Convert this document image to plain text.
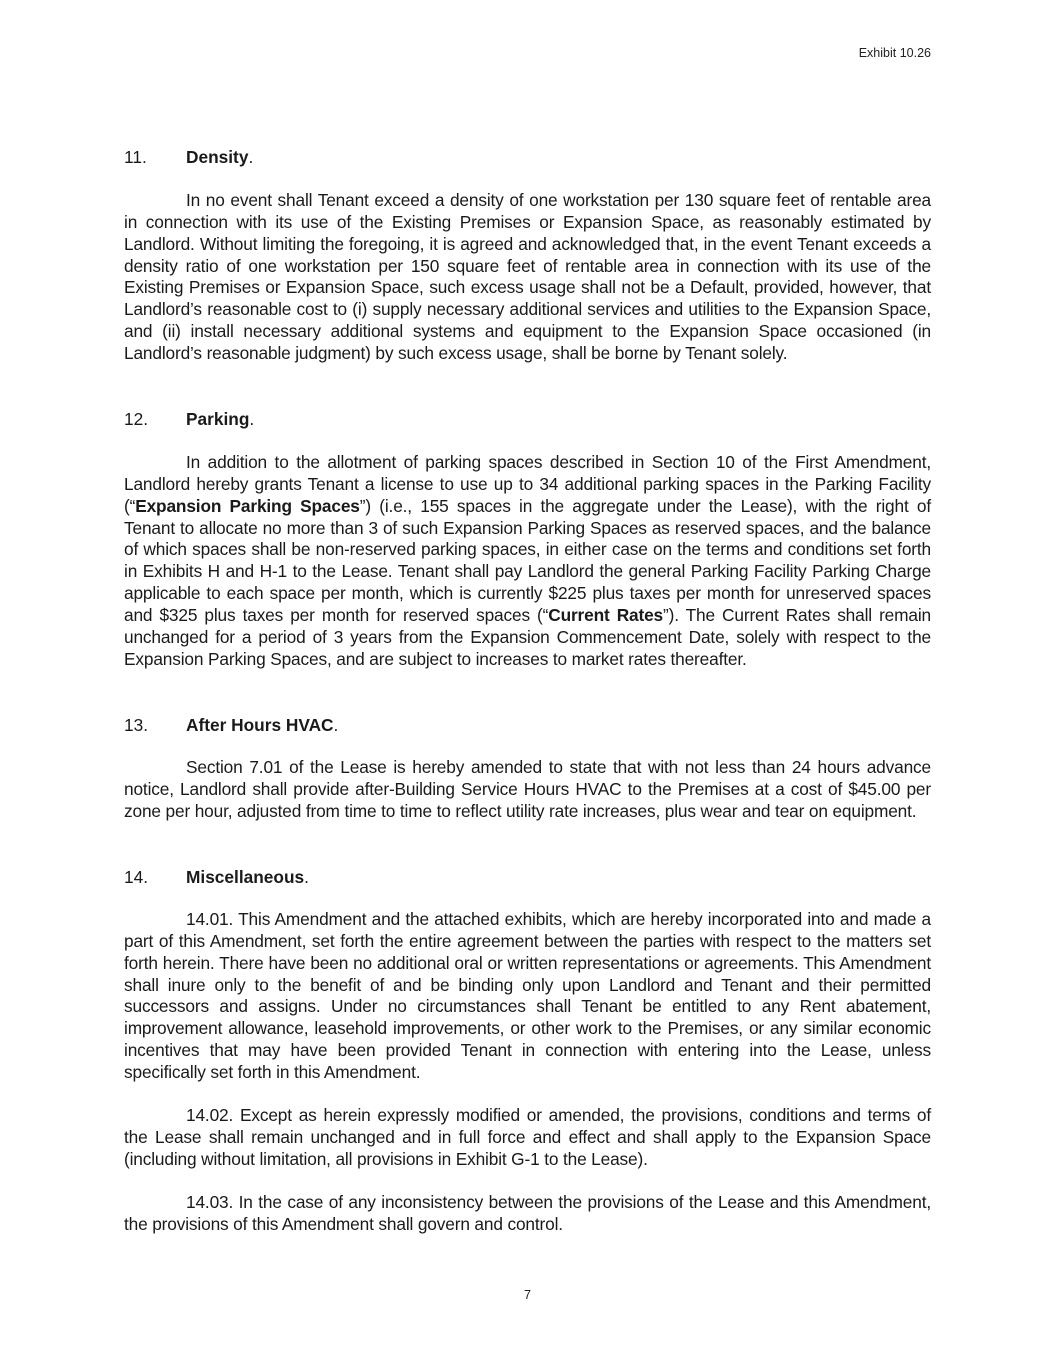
Exhibit 10.26
11. Density.

In no event shall Tenant exceed a density of one workstation per 130 square feet of rentable area in connection with its use of the Existing Premises or Expansion Space, as reasonably estimated by Landlord. Without limiting the foregoing, it is agreed and acknowledged that, in the event Tenant exceeds a density ratio of one workstation per 150 square feet of rentable area in connection with its use of the Existing Premises or Expansion Space, such excess usage shall not be a Default, provided, however, that Landlord’s reasonable cost to (i) supply necessary additional services and utilities to the Expansion Space, and (ii) install necessary additional systems and equipment to the Expansion Space occasioned (in Landlord’s reasonable judgment) by such excess usage, shall be borne by Tenant solely.

12. Parking.

In addition to the allotment of parking spaces described in Section 10 of the First Amendment, Landlord hereby grants Tenant a license to use up to 34 additional parking spaces in the Parking Facility (“Expansion Parking Spaces”) (i.e., 155 spaces in the aggregate under the Lease), with the right of Tenant to allocate no more than 3 of such Expansion Parking Spaces as reserved spaces, and the balance of which spaces shall be non-reserved parking spaces, in either case on the terms and conditions set forth in Exhibits H and H-1 to the Lease. Tenant shall pay Landlord the general Parking Facility Parking Charge applicable to each space per month, which is currently $225 plus taxes per month for unreserved spaces and $325 plus taxes per month for reserved spaces (“Current Rates”). The Current Rates shall remain unchanged for a period of 3 years from the Expansion Commencement Date, solely with respect to the Expansion Parking Spaces, and are subject to increases to market rates thereafter.

13. After Hours HVAC.

Section 7.01 of the Lease is hereby amended to state that with not less than 24 hours advance notice, Landlord shall provide after-Building Service Hours HVAC to the Premises at a cost of $45.00 per zone per hour, adjusted from time to time to reflect utility rate increases, plus wear and tear on equipment.

14. Miscellaneous.

14.01. This Amendment and the attached exhibits, which are hereby incorporated into and made a part of this Amendment, set forth the entire agreement between the parties with respect to the matters set forth herein. There have been no additional oral or written representations or agreements. This Amendment shall inure only to the benefit of and be binding only upon Landlord and Tenant and their permitted successors and assigns. Under no circumstances shall Tenant be entitled to any Rent abatement, improvement allowance, leasehold improvements, or other work to the Premises, or any similar economic incentives that may have been provided Tenant in connection with entering into the Lease, unless specifically set forth in this Amendment.

14.02. Except as herein expressly modified or amended, the provisions, conditions and terms of the Lease shall remain unchanged and in full force and effect and shall apply to the Expansion Space (including without limitation, all provisions in Exhibit G-1 to the Lease).

14.03. In the case of any inconsistency between the provisions of the Lease and this Amendment, the provisions of this Amendment shall govern and control.

7
